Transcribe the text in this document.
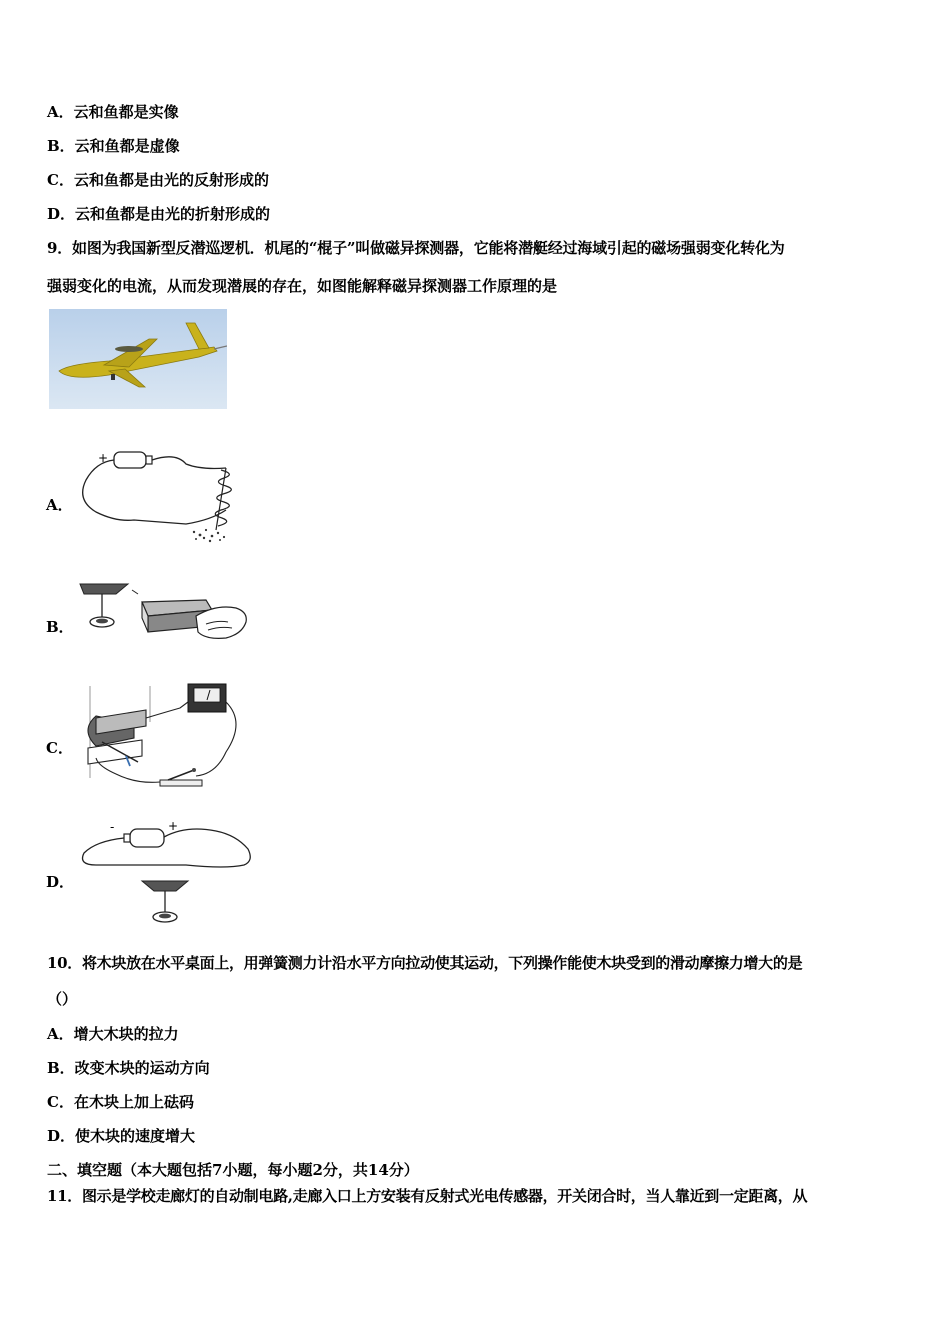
A．云和鱼都是实像
B．云和鱼都是虚像
C．云和鱼都是由光的反射形成的
D．云和鱼都是由光的折射形成的
9．如图为我国新型反潜巡逻机．机尾的“棍子”叫做磁异探测器，它能将潜艇经过海域引起的磁场强弱变化转化为
强弱变化的电流，从而发现潜展的存在，如图能解释磁异探测器工作原理的是
A．
+
B．
C．
D．
-	+
10．将木块放在水平桌面上，用弹簧测力计沿水平方向拉动使其运动，下列操作能使木块受到的滑动摩擦力增大的是
（）
A．增大木块的拉力
B．改变木块的运动方向
C．在木块上加上砝码
D．使木块的速度增大
二、填空题（本大题包括7小题，每小题2分，共14分）
11．图示是学校走廊灯的自动制电路,走廊入口上方安装有反射式光电传感器，开关闭合时，当人靠近到一定距离，从
